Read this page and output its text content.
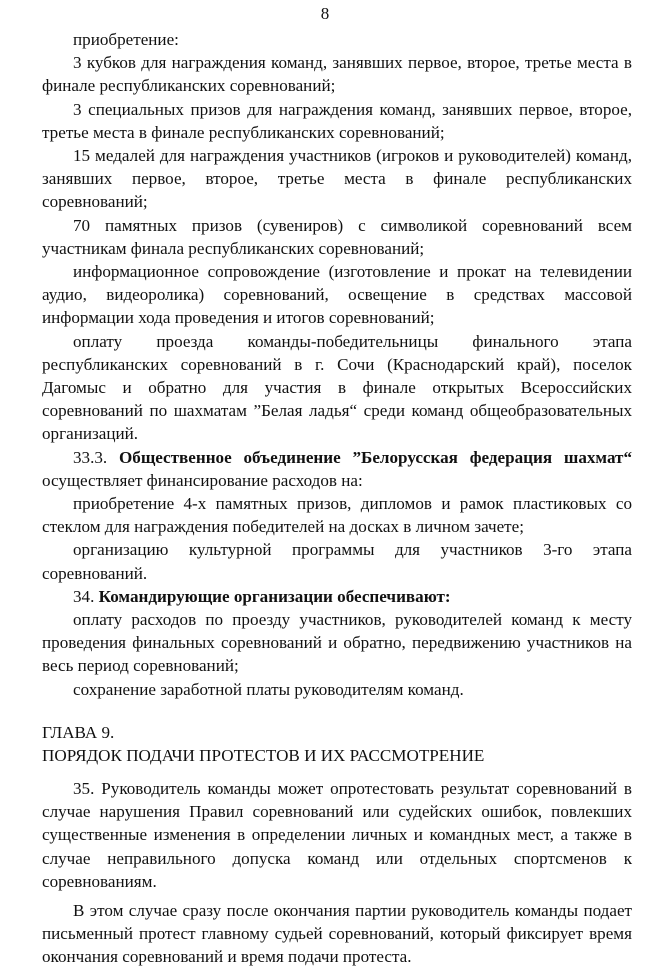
8

приобретение:

3 кубков для награждения команд, занявших первое, второе, третье места в финале республиканских соревнований;

3 специальных призов для награждения команд, занявших первое, второе, третье места в финале республиканских соревнований;

15 медалей для награждения участников (игроков и руководителей) команд, занявших первое, второе, третье места в финале республиканских соревнований;

70 памятных призов (сувениров) с символикой соревнований всем участникам финала республиканских соревнований;

информационное сопровождение (изготовление и прокат на телевидении аудио, видеоролика) соревнований, освещение в средствах массовой информации хода проведения и итогов соревнований;

оплату проезда команды-победительницы финального этапа республиканских соревнований в г. Сочи (Краснодарский край), поселок Дагомыс и обратно для участия в финале открытых Всероссийских соревнований по шахматам ”Белая ладья“ среди команд общеобразовательных организаций.

33.3. Общественное объединение ”Белорусская федерация шахмат“ осуществляет финансирование расходов на:

приобретение 4-х памятных призов, дипломов и рамок пластиковых со стеклом для награждения победителей на досках в личном зачете;

организацию культурной программы для участников 3-го этапа соревнований.

34. Командирующие организации обеспечивают:

оплату расходов по проезду участников, руководителей команд к месту проведения финальных соревнований и обратно, передвижению участников на весь период соревнований;

сохранение заработной платы руководителям команд.

ГЛАВА 9.

ПОРЯДОК ПОДАЧИ ПРОТЕСТОВ И ИХ РАССМОТРЕНИЕ

35. Руководитель команды может опротестовать результат соревнований в случае нарушения Правил соревнований или судейских ошибок, повлекших существенные изменения в определении личных и командных мест, а также в случае неправильного допуска команд или отдельных спортсменов к соревнованиям.

В этом случае сразу после окончания партии руководитель команды подает письменный протест главному судьей соревнований, который фиксирует время окончания соревнований и время подачи протеста.
